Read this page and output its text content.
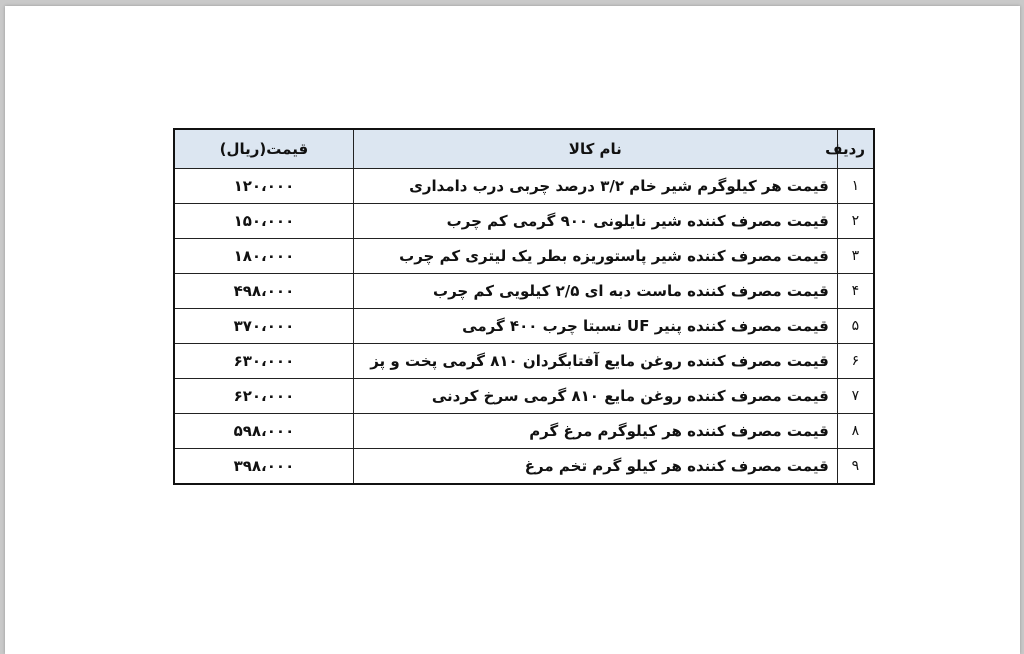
ردیف	نام کالا	قیمت(ریال)
۱	قیمت هر کیلوگرم شیر خام ۳/۲ درصد چربی درب دامداری	۱۲۰،۰۰۰
۲	قیمت مصرف کننده شیر نایلونی ۹۰۰ گرمی کم چرب	۱۵۰،۰۰۰
۳	قیمت مصرف کننده شیر پاستوریزه بطر یک لیتری کم چرب	۱۸۰،۰۰۰
۴	قیمت مصرف کننده ماست دبه ای ۲/۵ کیلویی کم چرب	۴۹۸،۰۰۰
۵	قیمت مصرف کننده پنیر UF نسبتا چرب ۴۰۰ گرمی	۳۷۰،۰۰۰
۶	قیمت مصرف کننده روغن مایع آفتابگردان ۸۱۰ گرمی پخت و پز	۶۳۰،۰۰۰
۷	قیمت مصرف کننده روغن مایع ۸۱۰ گرمی سرخ کردنی	۶۲۰،۰۰۰
۸	قیمت مصرف کننده هر کیلوگرم مرغ گرم	۵۹۸،۰۰۰
۹	قیمت مصرف کننده هر کیلو گرم تخم مرغ	۳۹۸،۰۰۰
